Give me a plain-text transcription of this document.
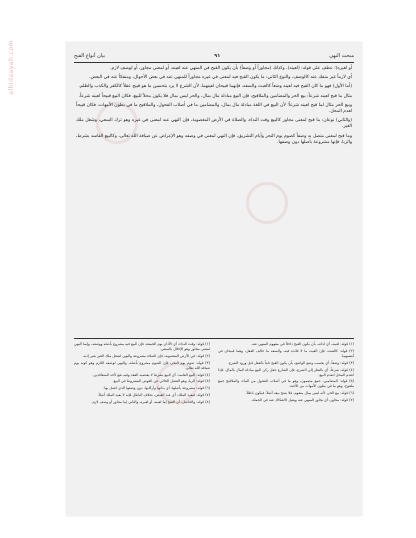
alhidaayah.com	مبحث النهي
٩١
بيان أنواع القبح

أو لغيره)؛ عطف على قوله: (لعينه)، وكذلك (مجاوراً أو وصفاً) بأن يكون القبح في المنهي عنه لعينه، أو لمعنى مجاور، أو لوصف لازم.

أي لازماً غير منفك عنه كالوصف، والنوع الثاني: ما يكون القبح فيه لمعنى في غيره مجاوراً للمنهي عنه في بعض الأحوال، ومنفكاً عنه في البعض.

(أما الأول) فهو ما كان القبح فيه لعينه وضعاً كالعبث والسفه، فإنهما قبيحان لعينهما، لأن الشرع لا يرد بتحسين ما هو قبيح عقلاً كالكفر والكذب والظلم.

مثال ما قبح لعينه شرعاً: بيع الحر والمضامين والملاقيح، فإن البيع مبادلة مال بمال، والحر ليس بمال فلا يكون محلاً للبيع، فكان البيع قبيحاً لعينه شرعاً.

وبيع الحر مثال لما قبح لعينه شرعاً؛ لأن البيع في اللغة مبادلة مال بمال، والمضامين ما في أصلاب الفحول، والملاقيح ما في بطون الأمهات، فكان قبيحاً لعدم المحل.

(والثاني) نوعان: ما قبح لمعنى مجاور كالبيع وقت النداء، والصلاة في الأرض المغصوبة، فإن النهي عنه لمعنى في غيره وهو ترك السعي، وشغل ملك الغير.

وما قبح لمعنى متصل به وصفاً كصوم يوم النحر وأيام التشريق، فإن النهي لمعنى في وصفه وهو الإعراض عن ضيافة الله تعالى، وكالبيع الفاسد بشرط، والربا، فإنها مشروعة بأصلها دون وصفها.

(١) قوله: لعينه، أي لذاته، بأن يكون القبح داخلاً في مفهوم المنهي عنه.

(٢) قوله: كالعبث، فإن العبث ما لا فائدة فيه، والسفه ما خالف العقل، وهما قبيحان في أنفسهما.

(٣) قوله: وضعاً، أي بحسب وضع الواضع، بأن يكون القبح ثابتاً بالعقل قبل ورود الشرع.

(٤) قوله: شرعاً، أي بالنظر إلى الشرع، فإن الشارع جعل ركن البيع مبادلة المال بالمال، فإذا انعدم المحل انعدم البيع.

(٥) قوله: المضامين، جمع مضمون، وهو ما في أصلاب الفحول من الماء، والملاقيح جمع ملقوح، وهو ما في بطون الأمهات من الأجنة.

(٦) قوله: بيع الحر، لأنه ليس بمال متقوم، فلا يصح بيعه أصلاً، فيكون باطلاً.

(٧) قوله: مجاور، أي يجاور المنهي عنه ويقبل الانفكاك عنه في الجملة.

(١) قوله: وقت النداء، أي الأذان يوم الجمعة، فإن البيع فيه مشروع بأصله ووصفه، وإنما النهي لمعنى مجاور وهو الإخلال بالسعي.

(٢) قوله: في الأرض المغصوبة، فإن الصلاة مشروعة والنهي لشغل ملك الغير بغير إذنه.

(٣) قوله: صوم يوم النحر، فإن الصوم مشروع بأصله، والنهي لوصفه اللازم وهو كونه يوم ضيافة الله تعالى.

(٤) قوله: البيع الفاسد، أي البيع بشرط لا يقتضيه العقد وفيه نفع لأحد المتعاقدين.

(٥) قوله: الربا، وهو الفضل الخالي عن العوض المشروط في البيع.

(٦) قوله: مشروعة بأصلها، أي بذاتها وأركانها، دون وصفها الذي اتصل بها.

(٧) قوله: فيفيد الملك، أي عند القبض، بخلاف الباطل فإنه لا يفيد الملك أصلاً.

(٨) قوله: والحاصل، أن القبح إما لعينه، أو لغيره، والثاني إما مجاور أو وصف لازم.
